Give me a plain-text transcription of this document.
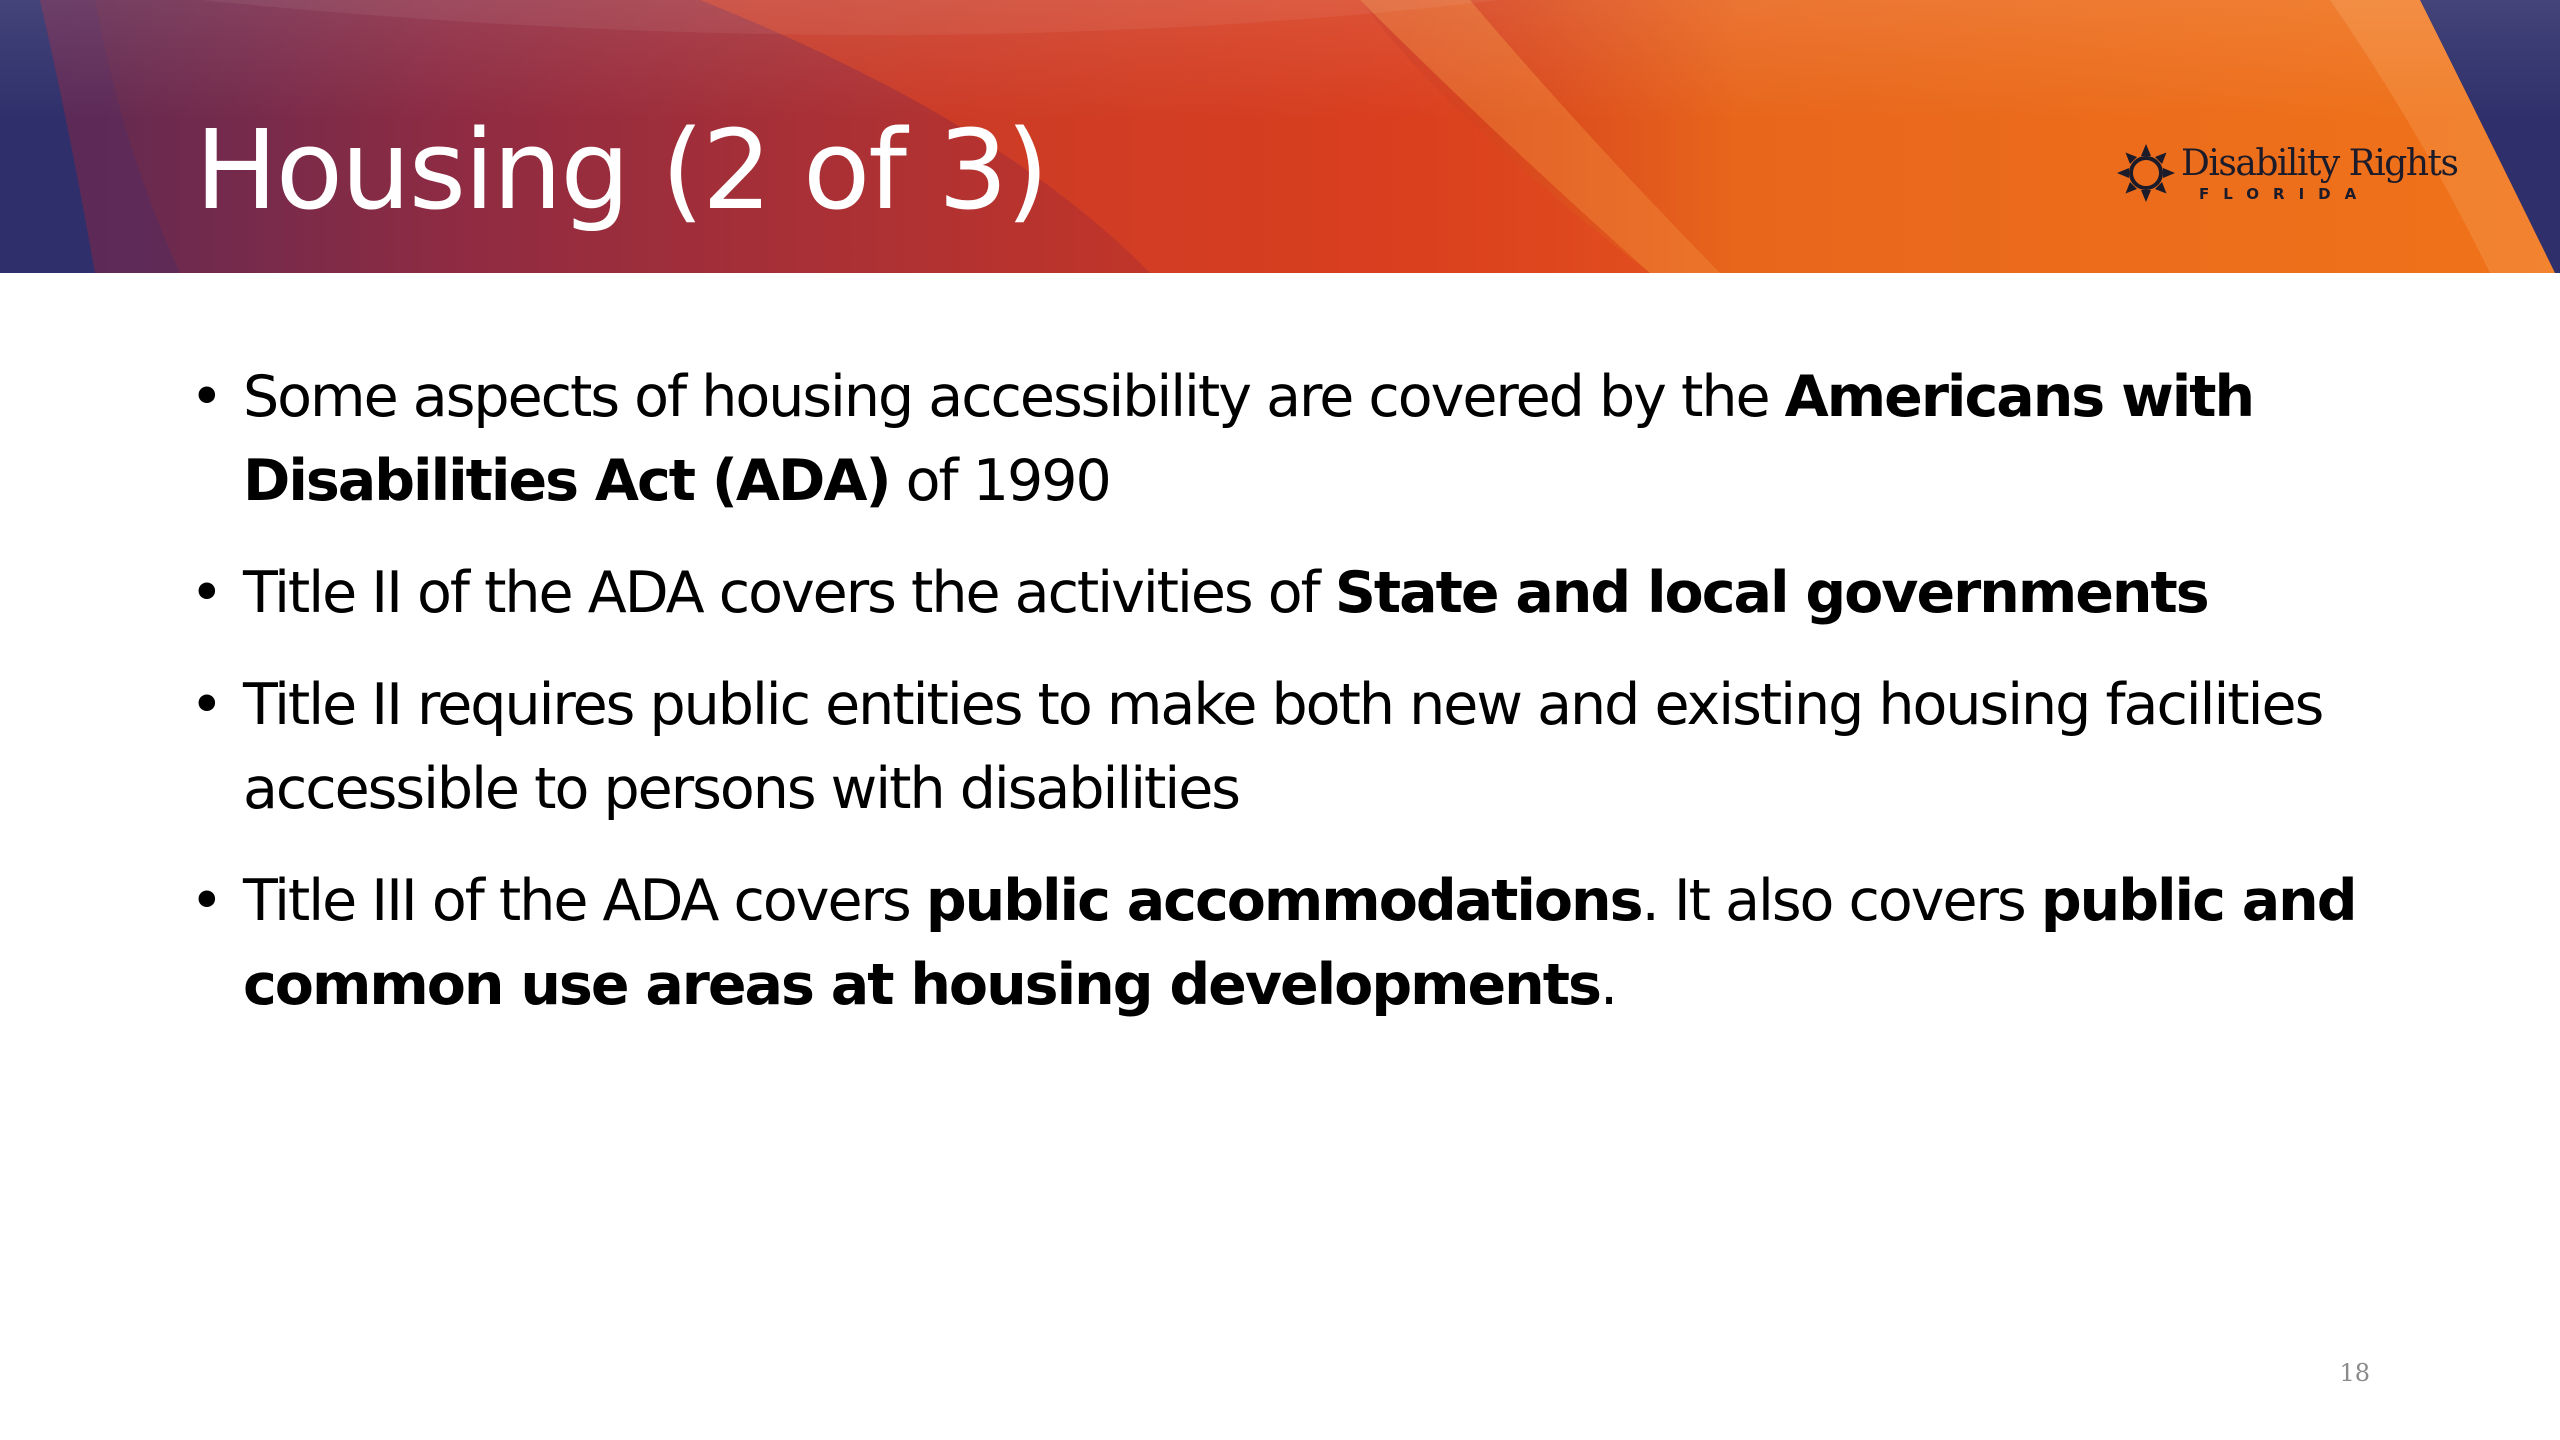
Housing (2 of 3)	Disability Rights
FLORIDA
• Some aspects of housing accessibility are covered by the Americans with Disabilities Act (ADA) of 1990
• Title II of the ADA covers the activities of State and local governments
• Title II requires public entities to make both new and existing housing facilities accessible to persons with disabilities
• Title III of the ADA covers public accommodations. It also covers public and common use areas at housing developments.
18
